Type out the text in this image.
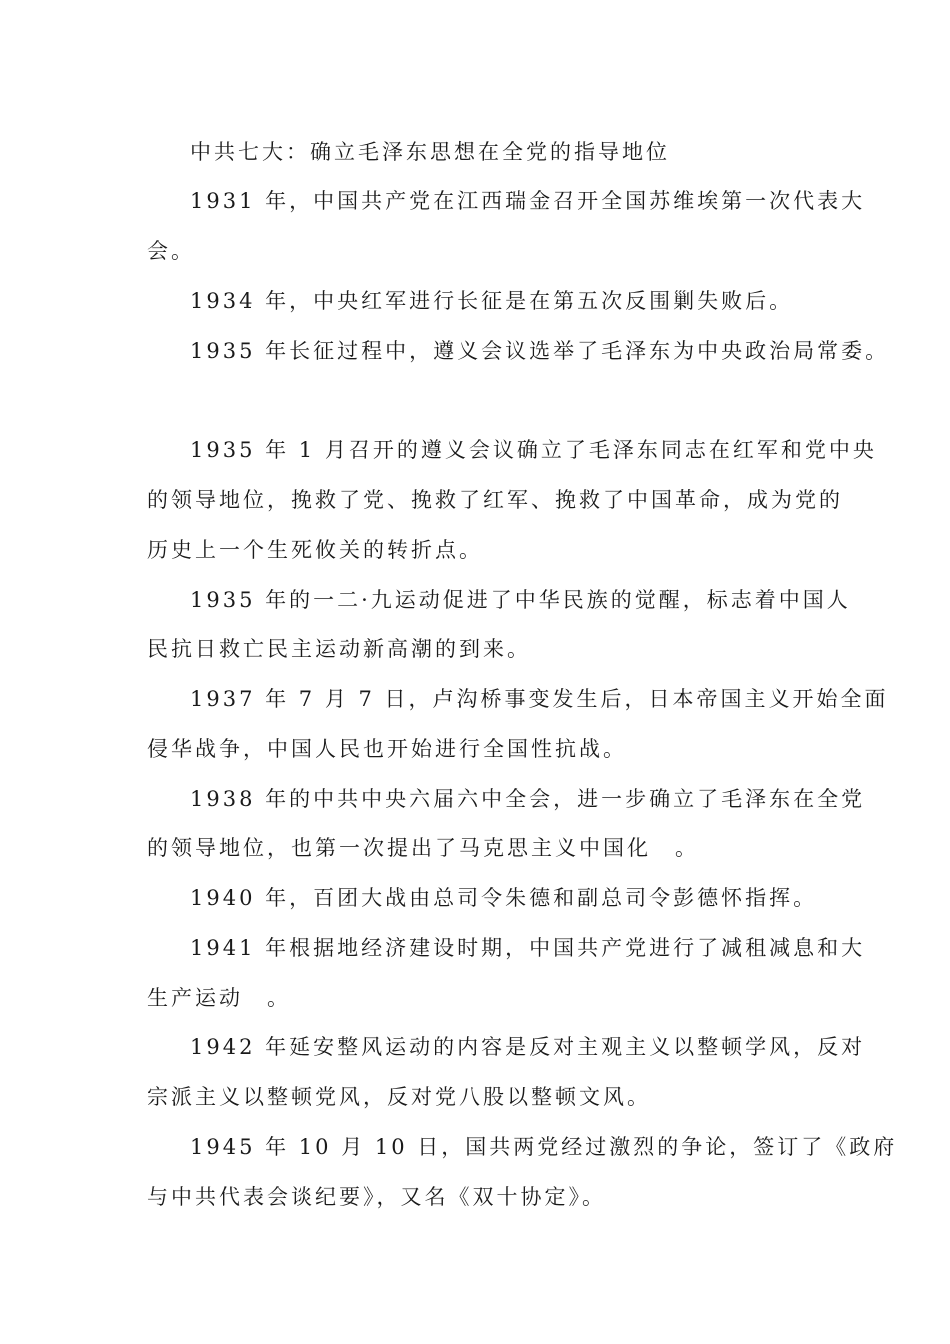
中共七大：确立毛泽东思想在全党的指导地位
1931 年，中国共产党在江西瑞金召开全国苏维埃第一次代表大
会。
1934 年，中央红军进行长征是在第五次反围剿失败后。
1935 年长征过程中，遵义会议选举了毛泽东为中央政治局常委。
1935 年 1 月召开的遵义会议确立了毛泽东同志在红军和党中央
的领导地位，挽救了党、挽救了红军、挽救了中国革命，成为党的
历史上一个生死攸关的转折点。
1935 年的一二·九运动促进了中华民族的觉醒，标志着中国人
民抗日救亡民主运动新高潮的到来。
1937 年 7 月 7 日，卢沟桥事变发生后，日本帝国主义开始全面
侵华战争，中国人民也开始进行全国性抗战。
1938 年的中共中央六届六中全会，进一步确立了毛泽东在全党
的领导地位，也第一次提出了马克思主义中国化　。
1940 年，百团大战由总司令朱德和副总司令彭德怀指挥。
1941 年根据地经济建设时期，中国共产党进行了减租减息和大
生产运动　。
1942 年延安整风运动的内容是反对主观主义以整顿学风，反对
宗派主义以整顿党风，反对党八股以整顿文风。
1945 年 10 月 10 日，国共两党经过激烈的争论，签订了《政府
与中共代表会谈纪要》，又名《双十协定》。
